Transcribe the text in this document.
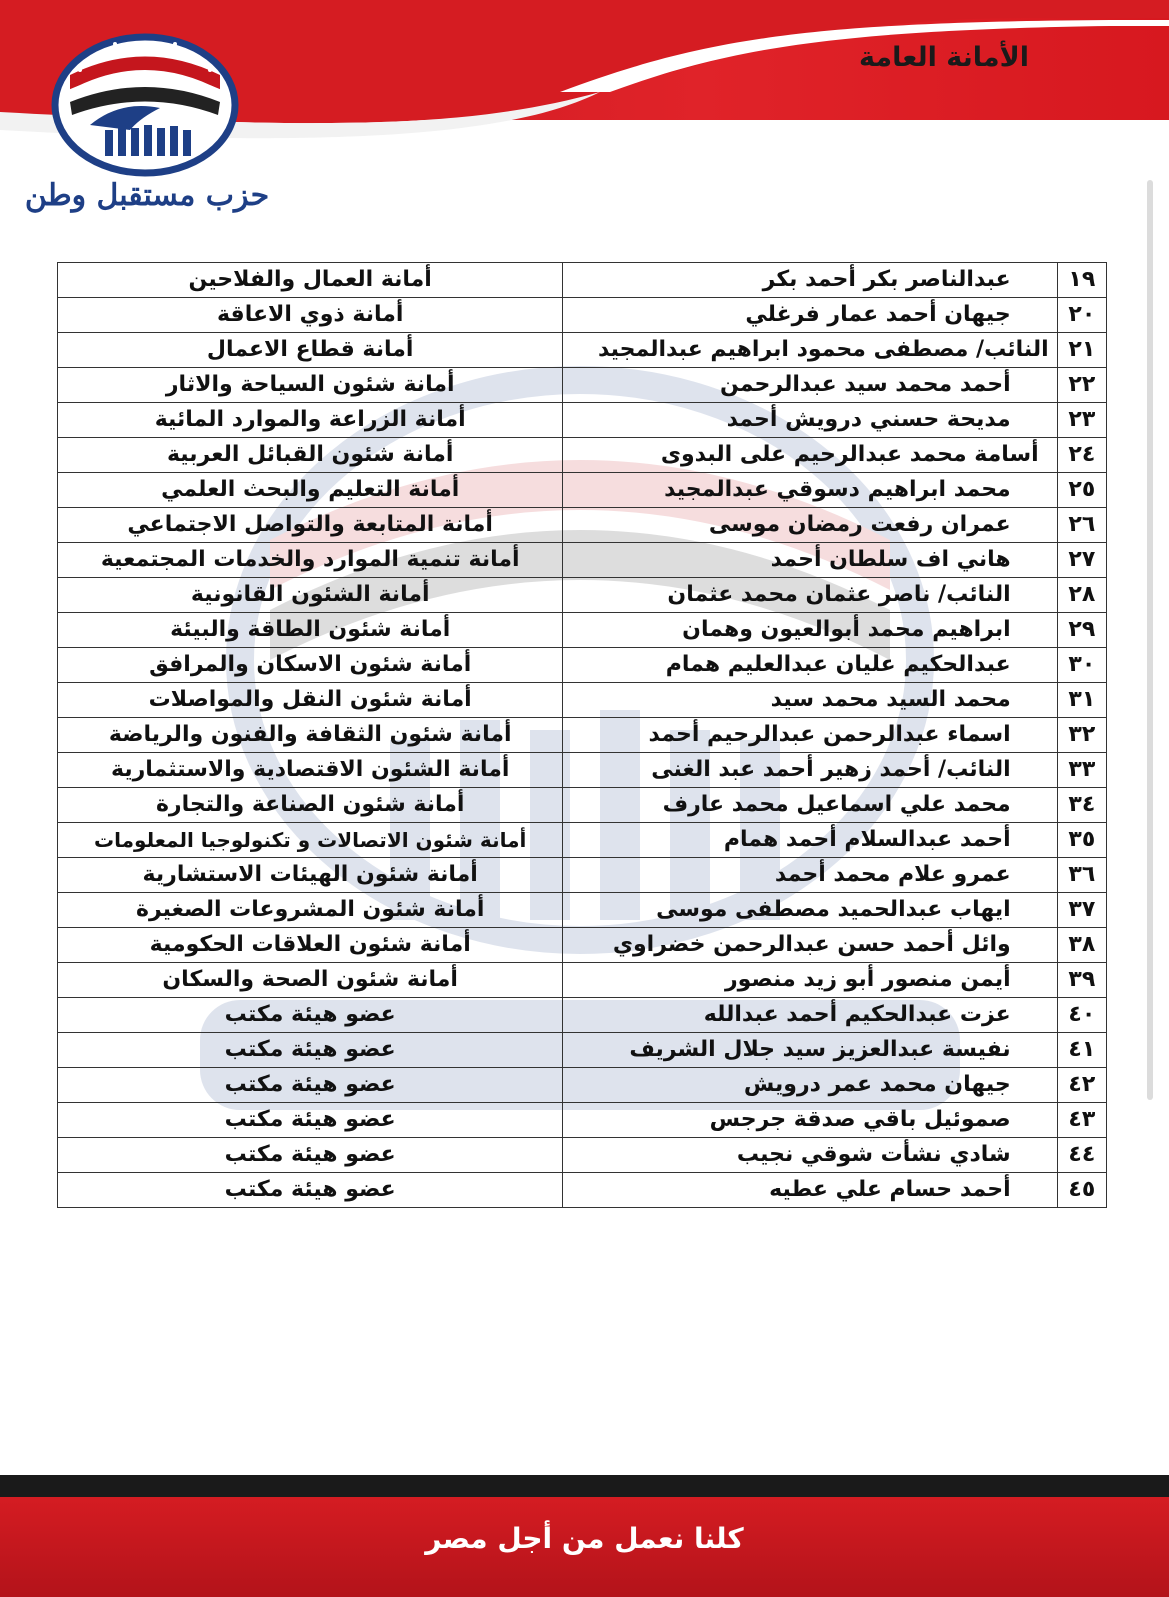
الأمانة العامة
حزب مستقبل وطن
١٩	عبدالناصر بكر أحمد بكر	أمانة العمال والفلاحين
٢٠	جيهان أحمد عمار فرغلي	أمانة ذوي الاعاقة
٢١	النائب/ مصطفى محمود ابراهيم عبدالمجيد	أمانة قطاع الاعمال
٢٢	أحمد محمد سيد عبدالرحمن	أمانة شئون السياحة والاثار
٢٣	مديحة حسني درويش أحمد	أمانة الزراعة والموارد المائية
٢٤	أسامة محمد عبدالرحيم على البدوى	أمانة شئون القبائل العربية
٢٥	محمد ابراهيم دسوقي عبدالمجيد	أمانة التعليم والبحث العلمي
٢٦	عمران رفعت رمضان موسى	أمانة المتابعة والتواصل الاجتماعي
٢٧	هاني اف سلطان أحمد	أمانة تنمية الموارد والخدمات المجتمعية
٢٨	النائب/ ناصر عثمان محمد عثمان	أمانة الشئون القانونية
٢٩	ابراهيم محمد أبوالعيون وهمان	أمانة شئون الطاقة والبيئة
٣٠	عبدالحكيم عليان عبدالعليم همام	أمانة شئون الاسكان والمرافق
٣١	محمد السيد محمد سيد	أمانة شئون النقل والمواصلات
٣٢	اسماء عبدالرحمن عبدالرحيم أحمد	أمانة شئون الثقافة والفنون والرياضة
٣٣	النائب/ أحمد زهير أحمد عبد الغنى	أمانة الشئون الاقتصادية والاستثمارية
٣٤	محمد علي اسماعيل محمد عارف	أمانة شئون الصناعة والتجارة
٣٥	أحمد عبدالسلام أحمد همام	أمانة شئون الاتصالات و تكنولوجيا المعلومات
٣٦	عمرو علام محمد أحمد	أمانة شئون الهيئات الاستشارية
٣٧	ايهاب عبدالحميد مصطفى موسى	أمانة شئون المشروعات الصغيرة
٣٨	وائل أحمد حسن عبدالرحمن خضراوي	أمانة شئون العلاقات الحكومية
٣٩	أيمن منصور أبو زيد منصور	أمانة شئون الصحة والسكان
٤٠	عزت عبدالحكيم أحمد عبدالله	عضو هيئة مكتب
٤١	نفيسة عبدالعزيز سيد جلال الشريف	عضو هيئة مكتب
٤٢	جيهان محمد عمر درويش	عضو هيئة مكتب
٤٣	صموئيل باقي صدقة جرجس	عضو هيئة مكتب
٤٤	شادي نشأت شوقي نجيب	عضو هيئة مكتب
٤٥	أحمد حسام علي عطيه	عضو هيئة مكتب
كلنا نعمل من أجل مصر
